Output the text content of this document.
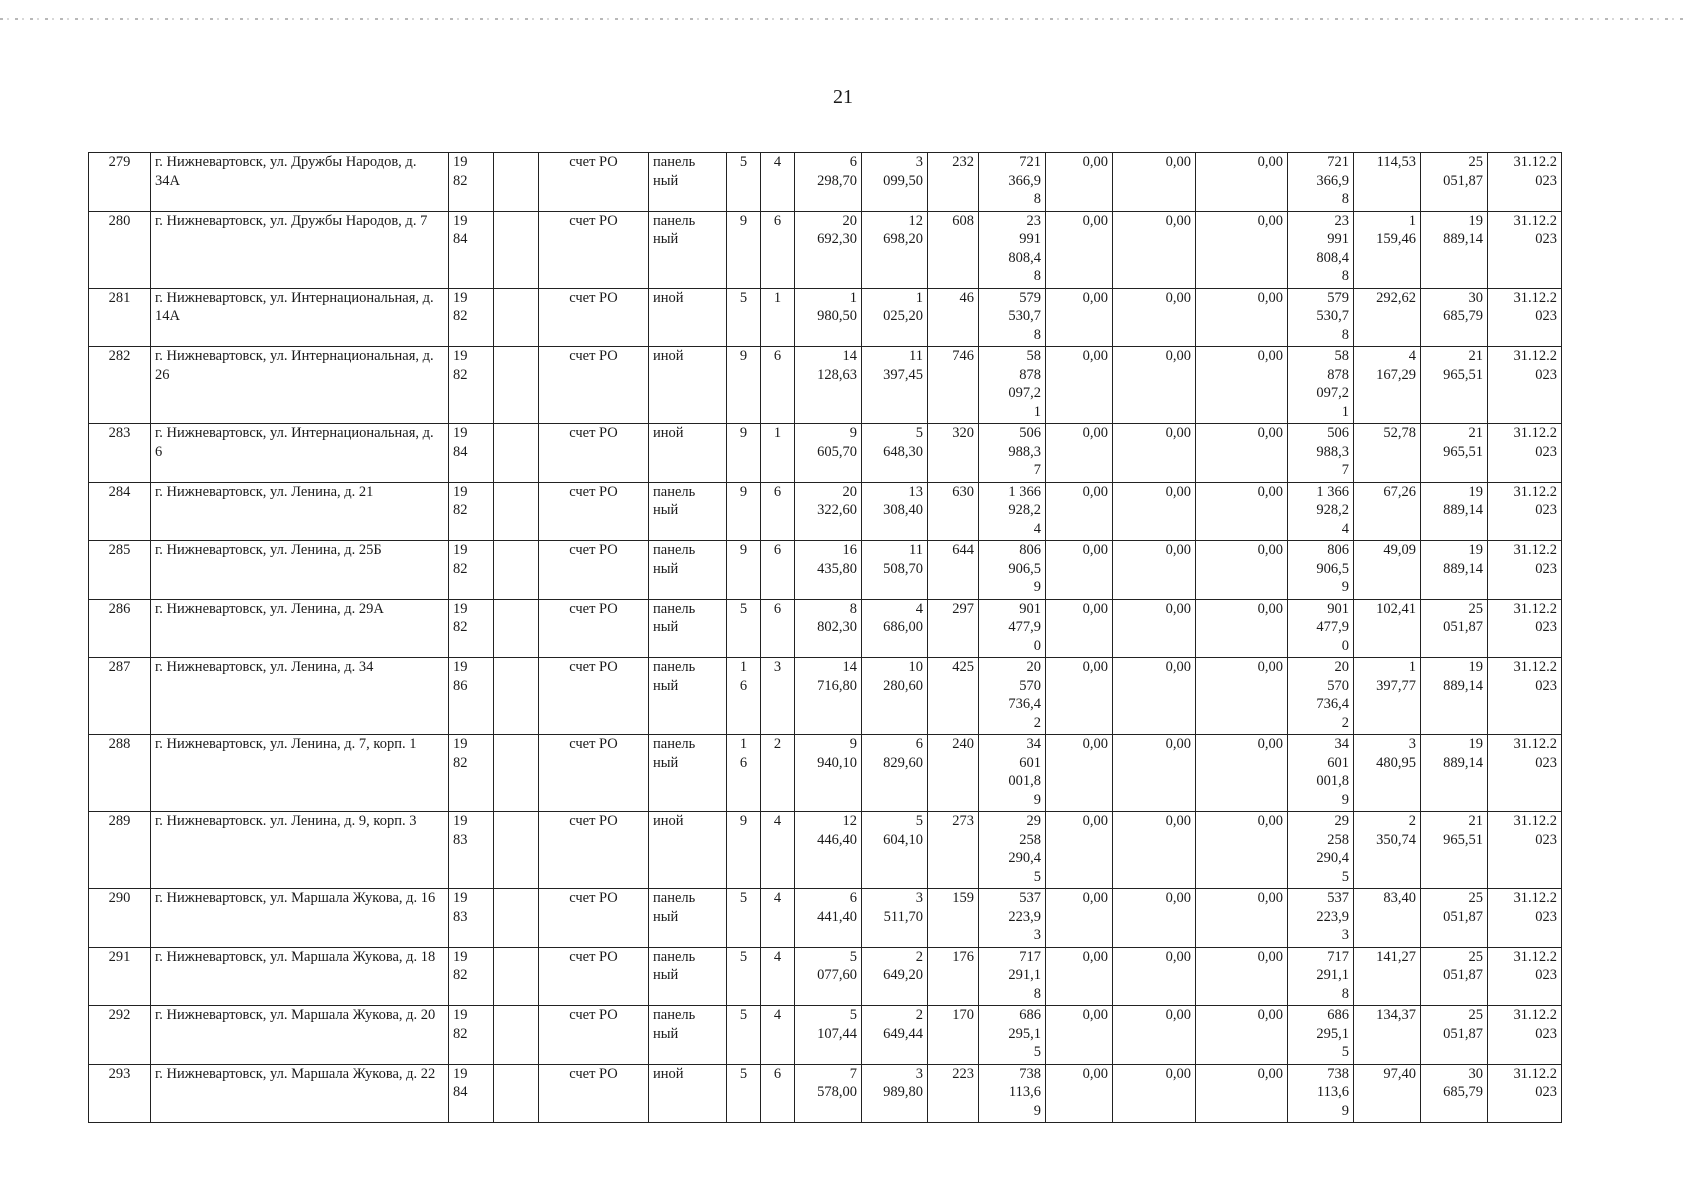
21
279	г. Нижневартовск, ул. Дружбы Народов, д. 34А	19
82		счет РО	панель
ный	5	4	6
298,70	3
099,50	232	721
366,9
8	0,00	0,00	0,00	721
366,9
8	114,53	25
051,87	31.12.2
023

280	г. Нижневартовск, ул. Дружбы Народов, д. 7	19
84		счет РО	панель
ный	9	6	20
692,30	12
698,20	608	23
991
808,4
8	0,00	0,00	0,00	23
991
808,4
8	1
159,46	19
889,14	31.12.2
023

281	г. Нижневартовск, ул. Интернациональная, д. 14А	19
82		счет РО	иной	5	1	1
980,50	1
025,20	46	579
530,7
8	0,00	0,00	0,00	579
530,7
8	292,62	30
685,79	31.12.2
023

282	г. Нижневартовск, ул. Интернациональная, д. 26	19
82		счет РО	иной	9	6	14
128,63	11
397,45	746	58
878
097,2
1	0,00	0,00	0,00	58
878
097,2
1	4
167,29	21
965,51	31.12.2
023

283	г. Нижневартовск, ул. Интернациональная, д. 6	19
84		счет РО	иной	9	1	9
605,70	5
648,30	320	506
988,3
7	0,00	0,00	0,00	506
988,3
7	52,78	21
965,51	31.12.2
023

284	г. Нижневартовск, ул. Ленина, д. 21	19
82		счет РО	панель
ный	9	6	20
322,60	13
308,40	630	1 366
928,2
4	0,00	0,00	0,00	1 366
928,2
4	67,26	19
889,14	31.12.2
023

285	г. Нижневартовск, ул. Ленина, д. 25Б	19
82		счет РО	панель
ный	9	6	16
435,80	11
508,70	644	806
906,5
9	0,00	0,00	0,00	806
906,5
9	49,09	19
889,14	31.12.2
023

286	г. Нижневартовск, ул. Ленина, д. 29А	19
82		счет РО	панель
ный	5	6	8
802,30	4
686,00	297	901
477,9
0	0,00	0,00	0,00	901
477,9
0	102,41	25
051,87	31.12.2
023

287	г. Нижневартовск, ул. Ленина, д. 34	19
86		счет РО	панель
ный	1
6	3	14
716,80	10
280,60	425	20
570
736,4
2	0,00	0,00	0,00	20
570
736,4
2	1
397,77	19
889,14	31.12.2
023

288	г. Нижневартовск, ул. Ленина, д. 7, корп. 1	19
82		счет РО	панель
ный	1
6	2	9
940,10	6
829,60	240	34
601
001,8
9	0,00	0,00	0,00	34
601
001,8
9	3
480,95	19
889,14	31.12.2
023

289	г. Нижневартовск. ул. Ленина, д. 9, корп. 3	19
83		счет РО	иной	9	4	12
446,40	5
604,10	273	29
258
290,4
5	0,00	0,00	0,00	29
258
290,4
5	2
350,74	21
965,51	31.12.2
023

290	г. Нижневартовск, ул. Маршала Жукова, д. 16	19
83		счет РО	панель
ный	5	4	6
441,40	3
511,70	159	537
223,9
3	0,00	0,00	0,00	537
223,9
3	83,40	25
051,87	31.12.2
023

291	г. Нижневартовск, ул. Маршала Жукова, д. 18	19
82		счет РО	панель
ный	5	4	5
077,60	2
649,20	176	717
291,1
8	0,00	0,00	0,00	717
291,1
8	141,27	25
051,87	31.12.2
023

292	г. Нижневартовск, ул. Маршала Жукова, д. 20	19
82		счет РО	панель
ный	5	4	5
107,44	2
649,44	170	686
295,1
5	0,00	0,00	0,00	686
295,1
5	134,37	25
051,87	31.12.2
023

293	г. Нижневартовск, ул. Маршала Жукова, д. 22	19
84		счет РО	иной	5	6	7
578,00	3
989,80	223	738
113,6
9	0,00	0,00	0,00	738
113,6
9	97,40	30
685,79	31.12.2
023
